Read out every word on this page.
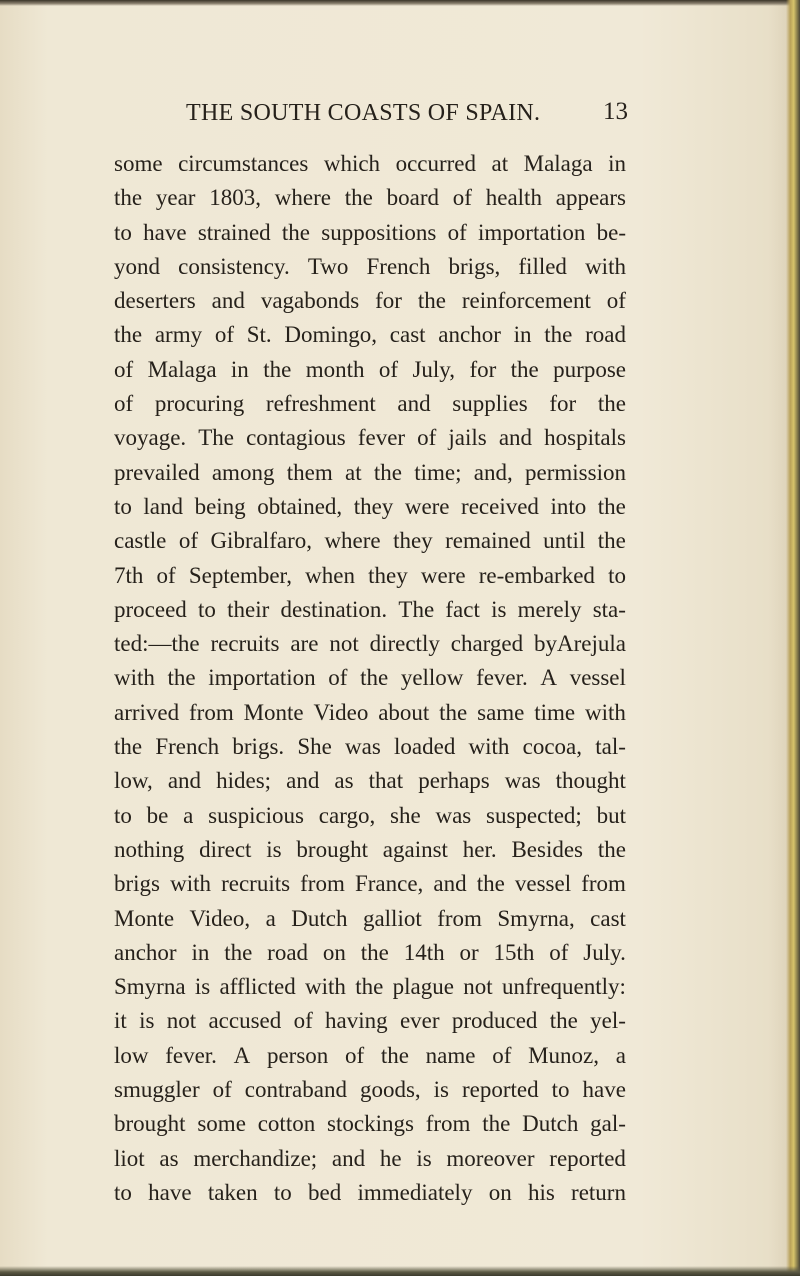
THE SOUTH COASTS OF SPAIN.	13
some circumstances which occurred at Malaga in
the year 1803, where the board of health appears
to have strained the suppositions of importation be-
yond consistency. Two French brigs, filled with
deserters and vagabonds for the reinforcement of
the army of St. Domingo, cast anchor in the road
of Malaga in the month of July, for the purpose
of procuring refreshment and supplies for the
voyage. The contagious fever of jails and hospitals
prevailed among them at the time; and, permission
to land being obtained, they were received into the
castle of Gibralfaro, where they remained until the
7th of September, when they were re-embarked to
proceed to their destination. The fact is merely sta-
ted:—the recruits are not directly charged byArejula
with the importation of the yellow fever. A vessel
arrived from Monte Video about the same time with
the French brigs. She was loaded with cocoa, tal-
low, and hides; and as that perhaps was thought
to be a suspicious cargo, she was suspected; but
nothing direct is brought against her. Besides the
brigs with recruits from France, and the vessel from
Monte Video, a Dutch galliot from Smyrna, cast
anchor in the road on the 14th or 15th of July.
Smyrna is afflicted with the plague not unfrequently:
it is not accused of having ever produced the yel-
low fever. A person of the name of Munoz, a
smuggler of contraband goods, is reported to have
brought some cotton stockings from the Dutch gal-
liot as merchandize; and he is moreover reported
to have taken to bed immediately on his return
